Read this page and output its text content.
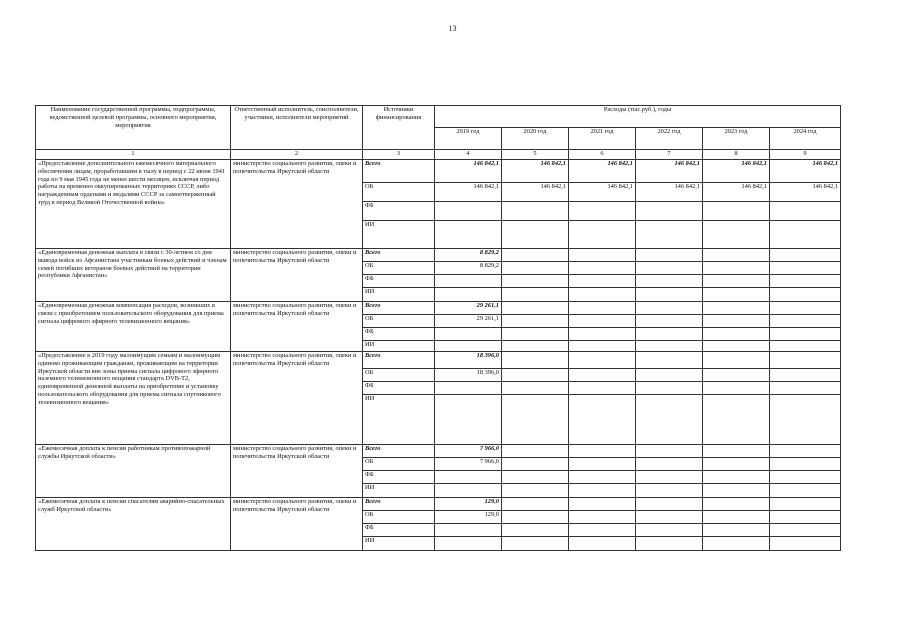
13
Наименование государственной программы, подпрограммы, ведомственной целевой программы, основного мероприятия, мероприятия	Ответственный исполнитель, соисполнители, участники, исполнители мероприятий	Источники финансирования	Расходы (тыс.руб.), годы					
			2019 год	2020 год	2021 год	2022 год	2023 год	2024 год
1	2	3	4	5	6	7	8	9
«Предоставление дополнительного ежемесячного материального обеспечения лицам, проработавшим в тылу в период с 22 июня 1941 года по 9 мая 1945 года не менее шести месяцев, исключая период работы на временно оккупированных территориях СССР, либо награжденным орденами и медалями СССР за самоотверженный труд в период Великой Отечественной войны»	министерство социального развития, опеки и попечительства Иркутской области	Всего	146 842,1	146 842,1	146 842,1	146 842,1	146 842,1	146 842,1
		ОБ	146 842,1	146 842,1	146 842,1	146 842,1	146 842,1	146 842,1
		ФБ						
		ИИ						
«Единовременная денежная выплата в связи с 30-летием со дня вывода войск из Афганистана участникам боевых действий и членам семей погибших ветеранов боевых действий на территории республики Афганистан»	министерство социального развития, опеки и попечительства Иркутской области	Всего	8 829,2					
		ОБ	8 829,2					
		ФБ						
		ИИ						
«Единовременная денежная компенсация расходов, возникших в связи с приобретением пользовательского оборудования для приема сигнала цифрового эфирного телевизионного вещания»	министерство социального развития, опеки и попечительства Иркутской области	Всего	29 261,1					
		ОБ	29 261,1					
		ФБ						
		ИИ						
«Предоставление в 2019 году малоимущим семьям и малоимущим одиноко проживающим гражданам, проживающим на территории Иркутской области вне зоны приема сигнала цифрового эфирного наземного телевизионного вещания стандарта DVB-T2, единовременной денежной выплаты на приобретение и установку пользовательского оборудования для приема сигнала спутникового телевизионного вещания»	министерство социального развития, опеки и попечительства Иркутской области	Всего	18 396,0					
		ОБ	18 396,0					
		ФБ						
		ИИ						
«Ежемесячная доплата к пенсии работникам противопожарной службы Иркутской области»	министерство социального развития, опеки и попечительства Иркутской области	Всего	7 966,0					
		ОБ	7 966,0					
		ФБ						
		ИИ						
«Ежемесячная доплата к пенсии спасателям аварийно-спасательных служб Иркутской области»	министерство социального развития, опеки и попечительства Иркутской области	Всего	129,0					
		ОБ	129,0					
		ФБ						
		ИИ						
